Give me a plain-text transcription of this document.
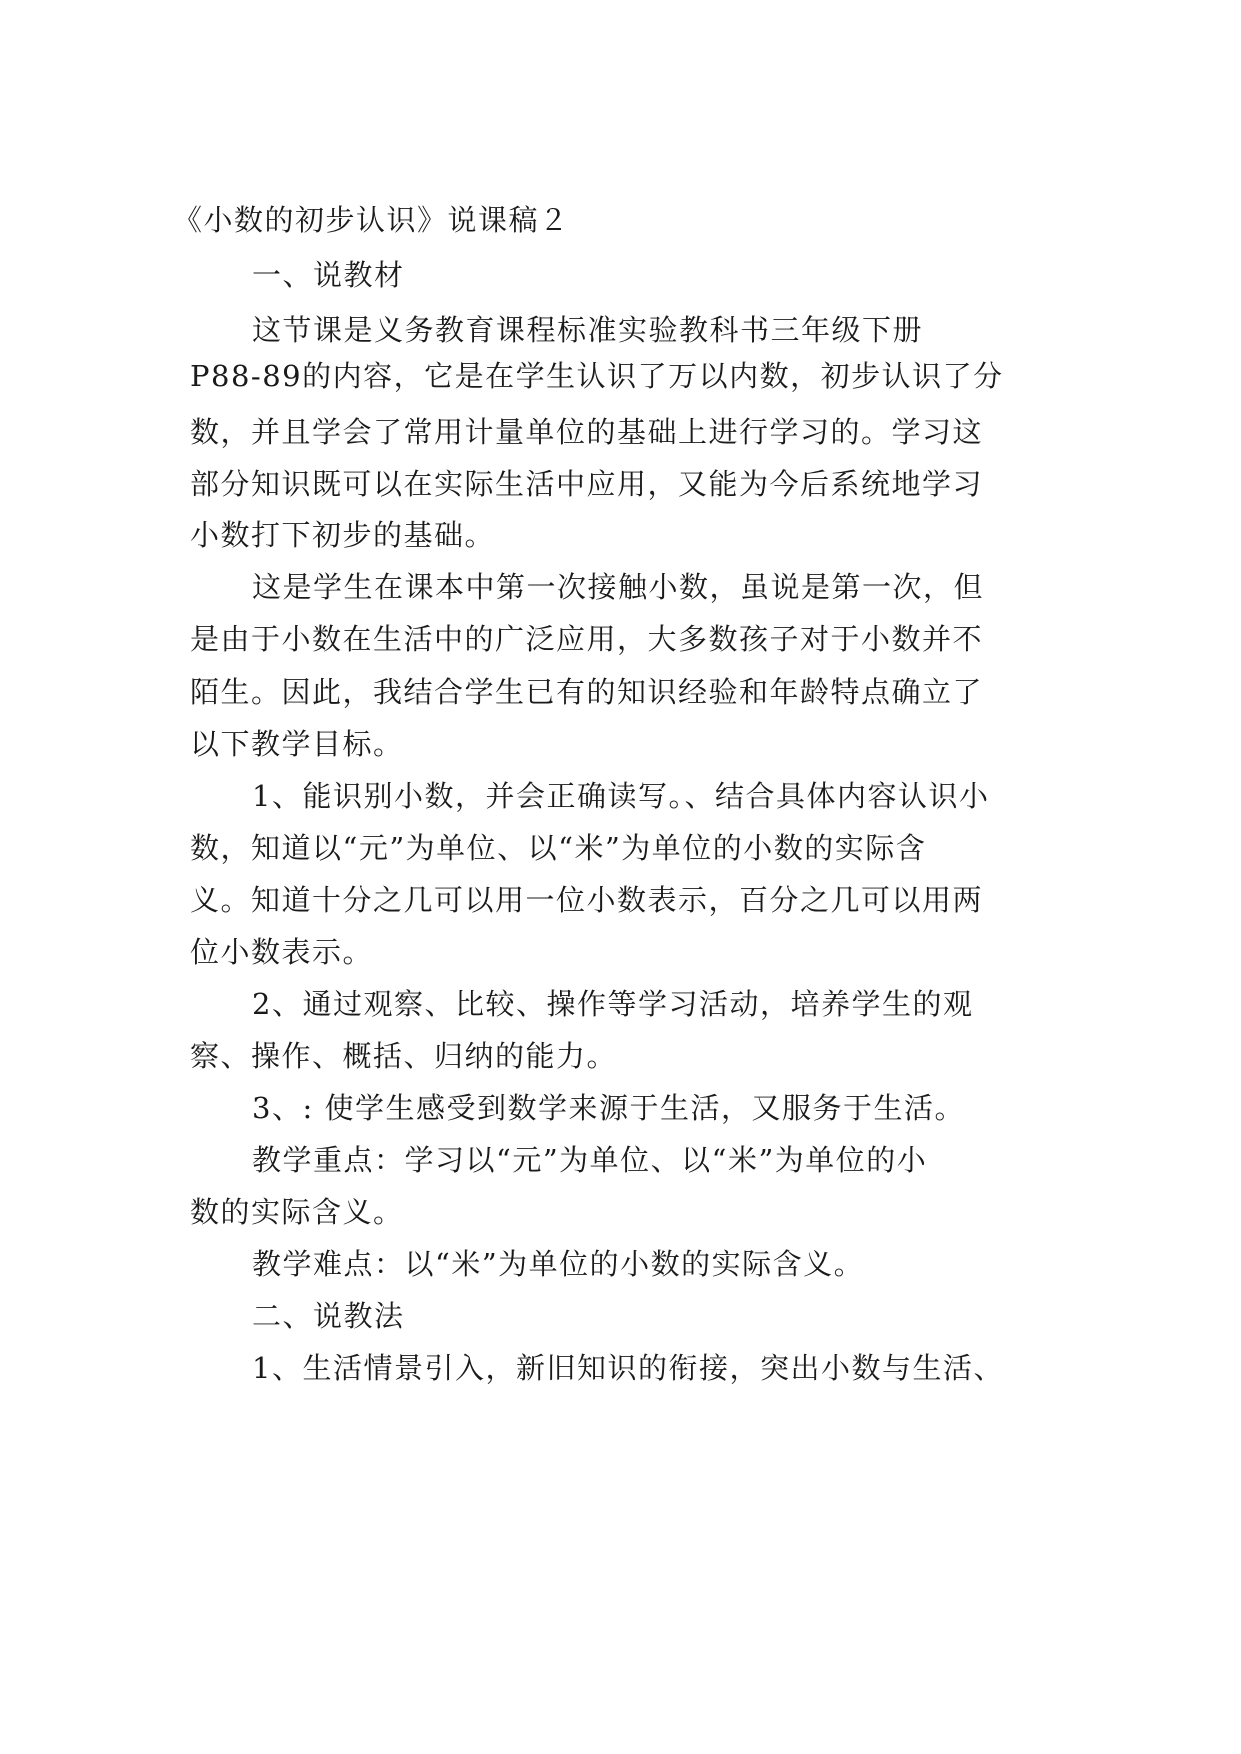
《小数的初步认识》说课稿２
一、说教材
这节课是义务教育课程标准实验教科书三年级下册
P88-89的内容，它是在学生认识了万以内数，初步认识了分
数，并且学会了常用计量单位的基础上进行学习的。学习这
部分知识既可以在实际生活中应用，又能为今后系统地学习
小数打下初步的基础。
这是学生在课本中第一次接触小数，虽说是第一次，但
是由于小数在生活中的广泛应用，大多数孩子对于小数并不
陌生。因此，我结合学生已有的知识经验和年龄特点确立了
以下教学目标。
1、能识别小数，并会正确读写。、结合具体内容认识小
数，知道以“元”为单位、以“米”为单位的小数的实际含
义。知道十分之几可以用一位小数表示，百分之几可以用两
位小数表示。
2、通过观察、比较、操作等学习活动，培养学生的观
察、操作、概括、归纳的能力。
3、: 使学生感受到数学来源于生活，又服务于生活。
教学重点：学习以“元”为单位、以“米”为单位的小
数的实际含义。
教学难点：以“米”为单位的小数的实际含义。
二、说教法
1、生活情景引入，新旧知识的衔接，突出小数与生活、
